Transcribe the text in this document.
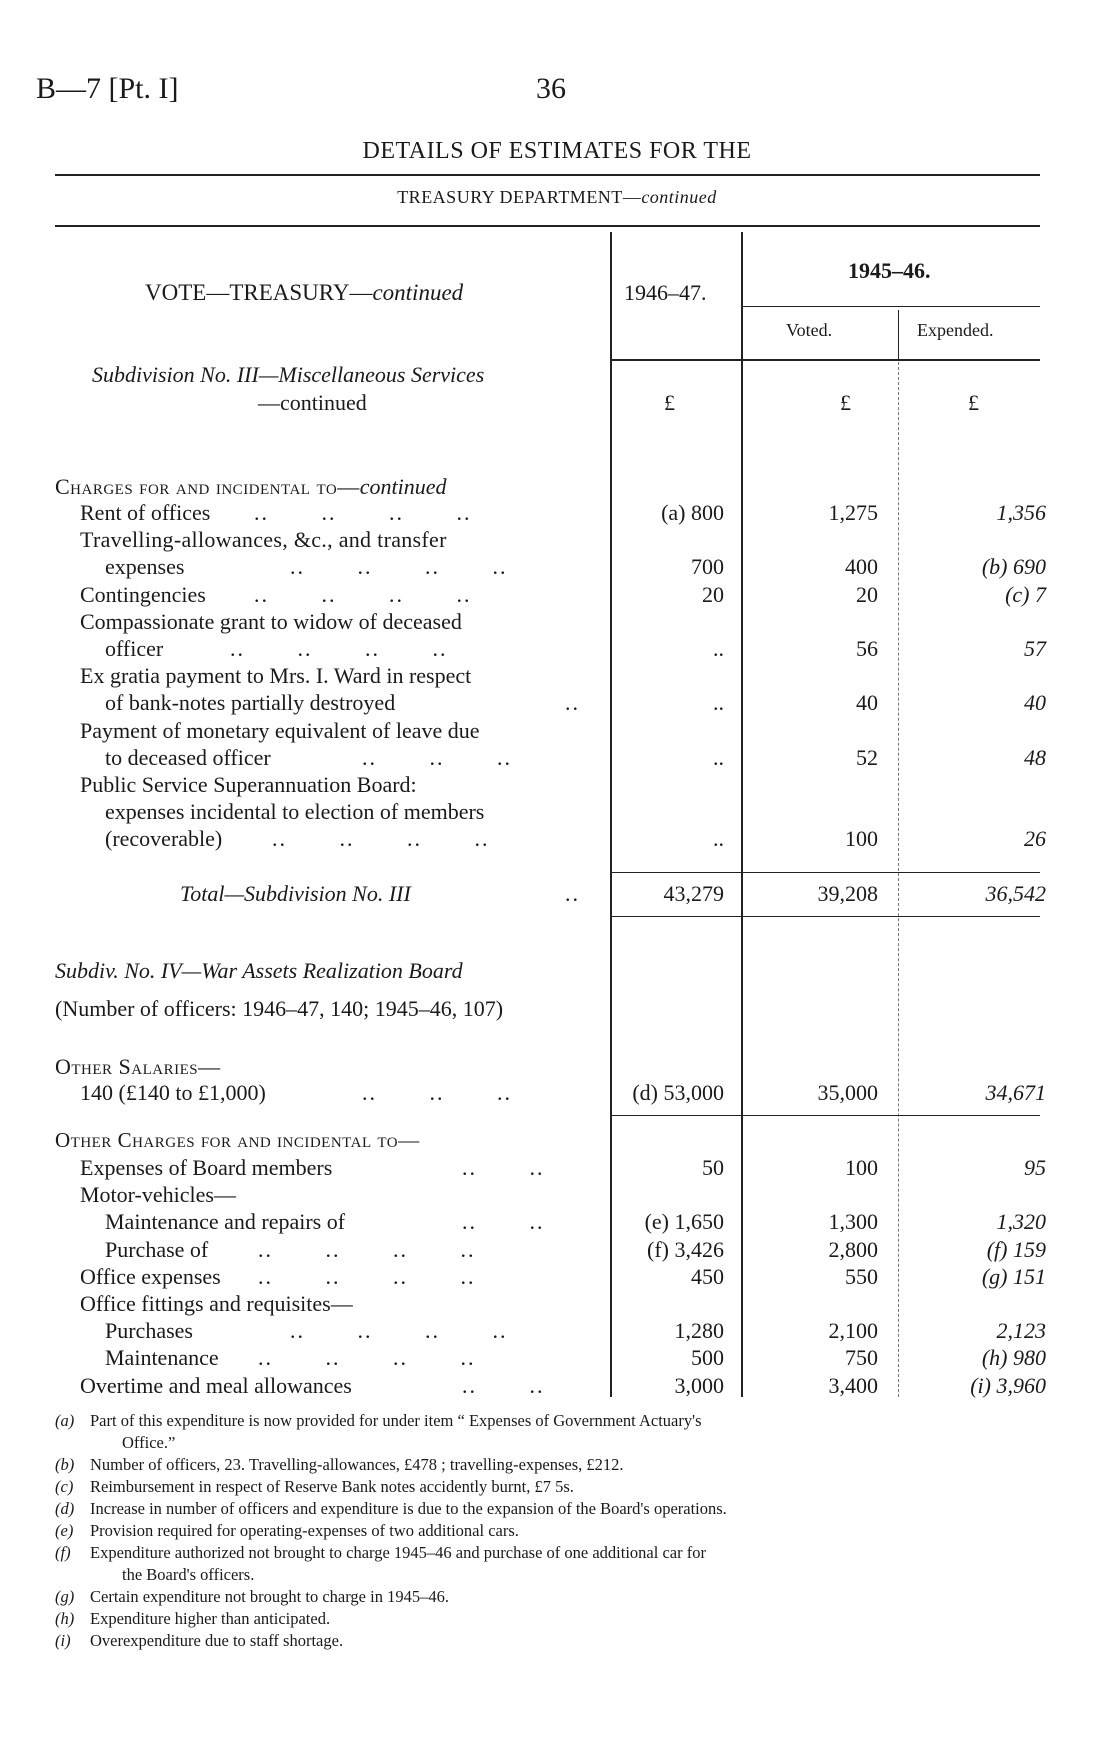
B—7 [Pt. I]	36
DETAILS OF ESTIMATES FOR THE
TREASURY DEPARTMENT—continued
VOTE—TREASURY—continued	1946–47.
1945–46.
Voted.	Expended.
Subdivision No. III—Miscellaneous Services
—continued	£	£	£
Charges for and incidental to—continued
Rent of offices ..       ..       ..       ..	(a) 800	1,275	1,356
Travelling-allowances, &c., and transfer
expenses	..       ..       ..       ..	700	400	(b) 690
Contingencies ..       ..       ..       ..	20	20	(c) 7
Compassionate grant to widow of deceased
officer	..       ..       ..       ..	..	56	57
Ex gratia payment to Mrs. I. Ward in respect
of bank-notes partially destroyed	..	..	40	40
Payment of monetary equivalent of leave due
to deceased officer	..       ..       ..	..	52	48
Public Service Superannuation Board:
expenses incidental to election of members
(recoverable) ..       ..       ..       ..	..	100	26
Total—Subdivision No. III	..	43,279	39,208	36,542
Subdiv. No. IV—War Assets Realization Board
(Number of officers: 1946–47, 140; 1945–46, 107)
Other Salaries—
140 (£140 to £1,000)	..       ..       ..	(d) 53,000	35,000	34,671
Other Charges for and incidental to—
Expenses of Board members	..       ..	50	100	95
Motor-vehicles—
Maintenance and repairs of	..       ..	(e) 1,650	1,300	1,320
Purchase of ..       ..       ..       ..	(f) 3,426	2,800	(f) 159
Office expenses ..       ..       ..       ..	450	550	(g) 151
Office fittings and requisites—
Purchases	..       ..       ..       ..	1,280	2,100	2,123
Maintenance ..       ..       ..       ..	500	750	(h) 980
Overtime and meal allowances	..       ..	3,000	3,400	(i) 3,960
(a) Part of this expenditure is now provided for under item “ Expenses of Government Actuary's
Office.”
(b) Number of officers, 23. Travelling-allowances, £478 ; travelling-expenses, £212.
(c) Reimbursement in respect of Reserve Bank notes accidently burnt, £7 5s.
(d) Increase in number of officers and expenditure is due to the expansion of the Board's operations.
(e) Provision required for operating-expenses of two additional cars.
(f) Expenditure authorized not brought to charge 1945–46 and purchase of one additional car for
the Board's officers.
(g) Certain expenditure not brought to charge in 1945–46.
(h) Expenditure higher than anticipated.
(i) Overexpenditure due to staff shortage.
